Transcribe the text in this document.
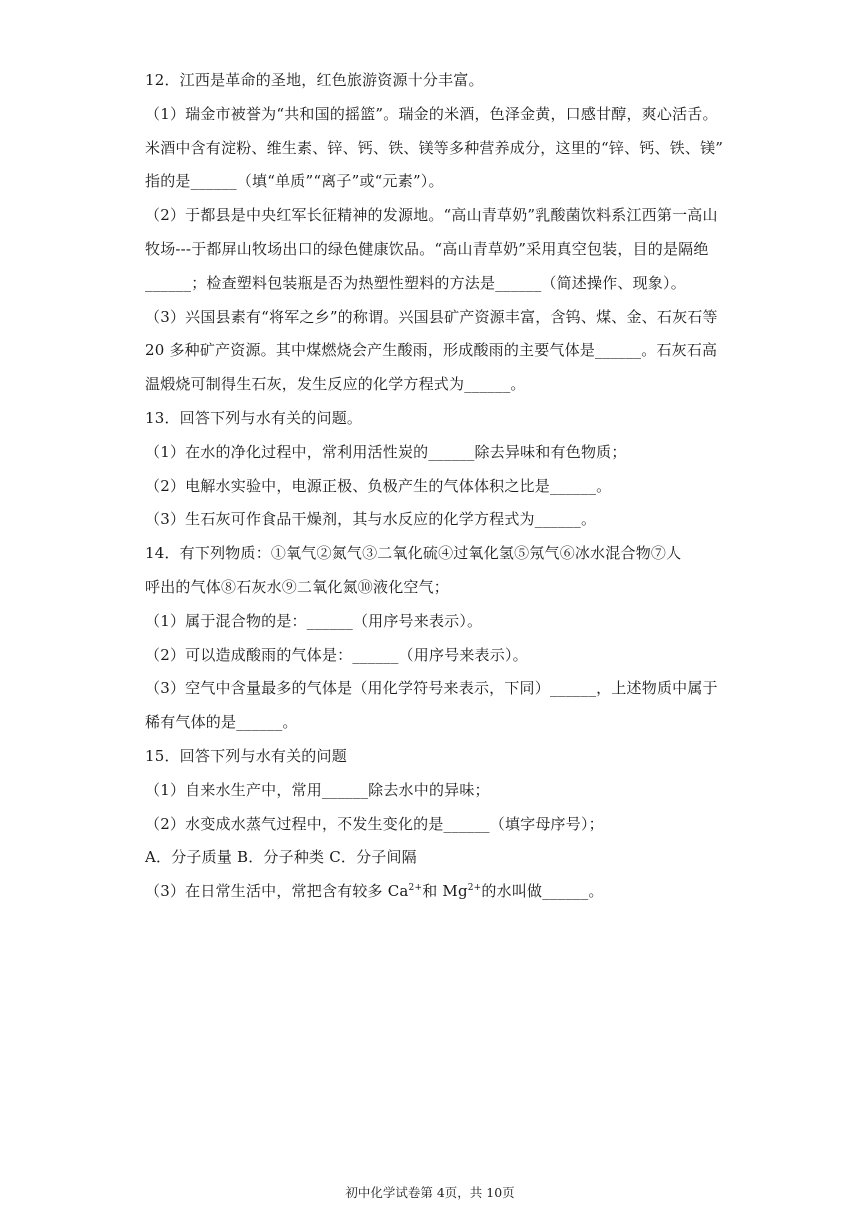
12．江西是革命的圣地，红色旅游资源十分丰富。
（1）瑞金市被誉为“共和国的摇篮”。瑞金的米酒，色泽金黄，口感甘醇，爽心活舌。
米酒中含有淀粉、维生素、锌、钙、铁、镁等多种营养成分，这里的“锌、钙、铁、镁”
指的是______（填“单质”“离子”或“元素”）。
（2）于都县是中央红军长征精神的发源地。“高山青草奶”乳酸菌饮料系江西第一高山
牧场---于都屏山牧场出口的绿色健康饮品。“高山青草奶”采用真空包装，目的是隔绝
______；检查塑料包装瓶是否为热塑性塑料的方法是______（简述操作、现象）。
（3）兴国县素有“将军之乡”的称谓。兴国县矿产资源丰富，含钨、煤、金、石灰石等
20 多种矿产资源。其中煤燃烧会产生酸雨，形成酸雨的主要气体是______。石灰石高
温煅烧可制得生石灰，发生反应的化学方程式为______。
13．回答下列与水有关的问题。
（1）在水的净化过程中，常利用活性炭的______除去异味和有色物质；
（2）电解水实验中，电源正极、负极产生的气体体积之比是______。
（3）生石灰可作食品干燥剂，其与水反应的化学方程式为______。
14．有下列物质：①氧气②氮气③二氧化硫④过氧化氢⑤氖气⑥冰水混合物⑦人
呼出的气体⑧石灰水⑨二氧化氮⑩液化空气；
（1）属于混合物的是：______（用序号来表示）。
（2）可以造成酸雨的气体是：______（用序号来表示）。
（3）空气中含量最多的气体是（用化学符号来表示，下同）______，上述物质中属于
稀有气体的是______。
15．回答下列与水有关的问题
（1）自来水生产中，常用______除去水中的异味；
（2）水变成水蒸气过程中，不发生变化的是______（填字母序号）；
A．分子质量 B．分子种类 C．分子间隔
（3）在日常生活中，常把含有较多 $Ca^{2+}$和 $Mg^{2+}$的水叫做______。
初中化学试卷第 4页，共 10页
